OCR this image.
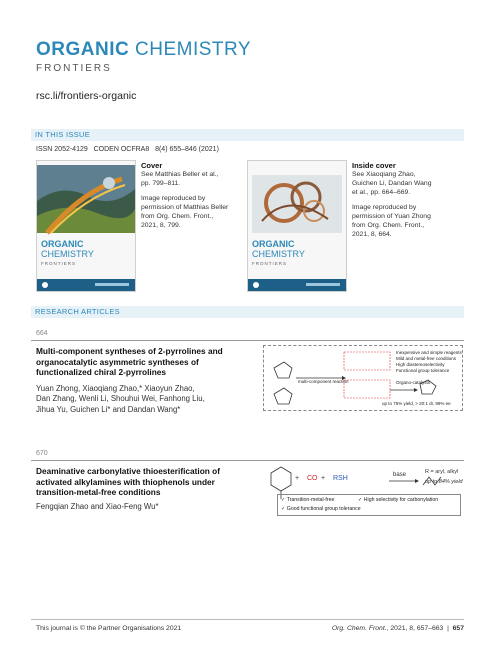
ORGANIC CHEMISTRY
FRONTIERS
rsc.li/frontiers-organic
IN THIS ISSUE
ISSN 2052-4129 CODEN OCFRA8 8(4) 655–846 (2021)
ORGANIC
CHEMISTRY
FRONTIERS
Cover
See Matthias Beller et al.,
pp. 799–811.
Image reproduced by
permission of Matthias Beller
from Org. Chem. Front.,
2021, 8, 799.
ORGANIC
CHEMISTRY
FRONTIERS
Inside cover
See Xiaoqiang Zhao,
Guichen Li, Dandan Wang
et al., pp. 664–669.
Image reproduced by
permission of Yuan Zhong
from Org. Chem. Front.,
2021, 8, 664.
RESEARCH ARTICLES
664
Multi-component syntheses of 2-pyrrolines and
organocatalytic asymmetric syntheses of
functionalized chiral 2-pyrrolines
Yuan Zhong, Xiaoqiang Zhao,* Xiaoyun Zhao,
Dan Zhang, Wenli Li, Shouhui Wei, Fanhong Liu,
Jihua Yu, Guichen Li* and Dandan Wang*
multi-component reaction	Organo-catalysts
up to 75% yield, > 20:1 dr, 99% ee
Inexpensive and simple reagents
Mild and metal-free conditions
High diastereoselectivity
Functional group tolerance
670
Deaminative carbonylative thioesterification of
activated alkylamines with thiophenols under
transition-metal-free conditions
Fengqian Zhao and Xiao-Feng Wu*
+ CO + RSH	base	R = aryl, alkyl
up to 84% yield
✓ Transition-metal-free	✓ High selectivity for carbonylation
✓ Good functional group tolerance
This journal is © the Partner Organisations 2021	Org. Chem. Front., 2021, 8, 657–663  |  657
